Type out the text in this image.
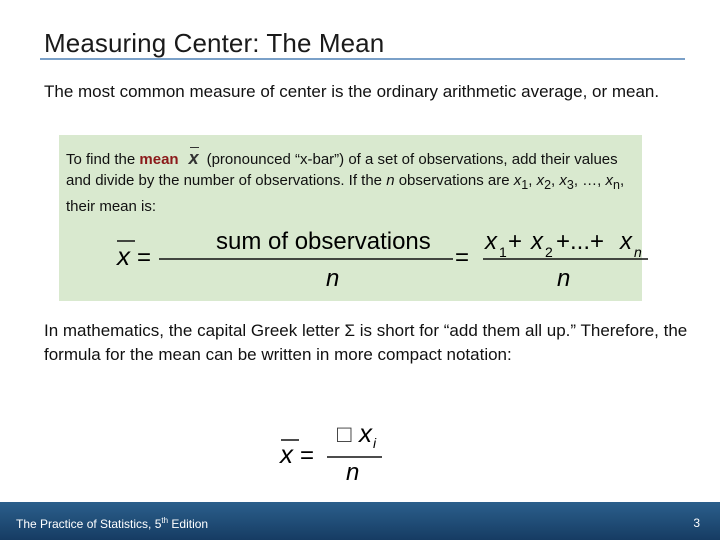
Measuring Center: The Mean
The most common measure of center is the ordinary arithmetic average, or mean.
To find the mean x (pronounced “x-bar”) of a set of observations, add their values and divide by the number of observations. If the n observations are $x_1$, $x_2$, $x_3$, …, $x_n$, their mean is:
x =
sum of observations
n
=
x 1 + x 2 +...+ x n
n
In mathematics, the capital Greek letter Σ is short for “add them all up.” Therefore, the formula for the mean can be written in more compact notation:
x =
□ x i
n
The Practice of Statistics, 5th Edition	3
